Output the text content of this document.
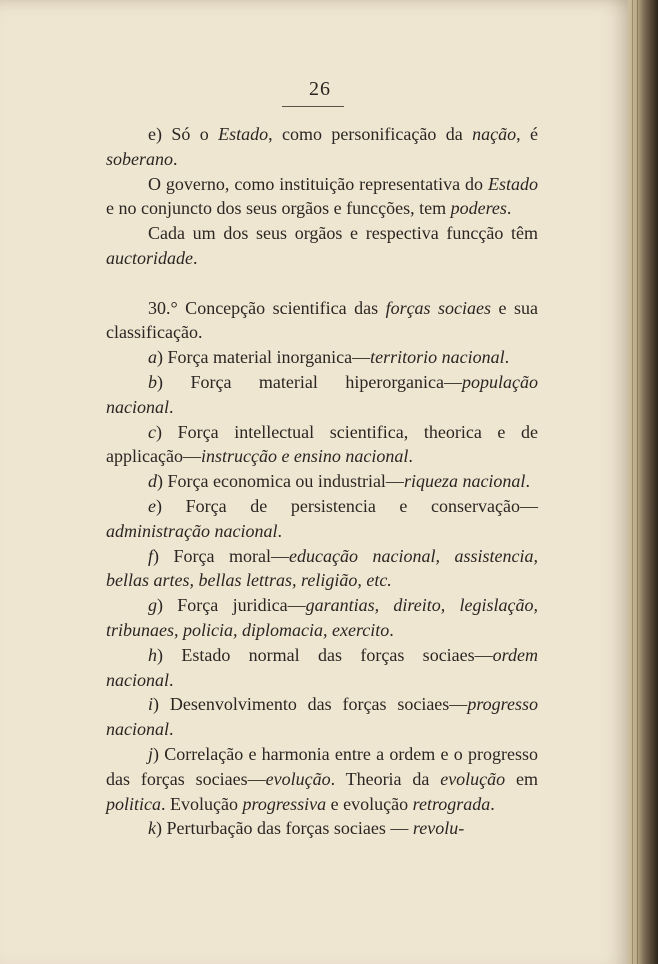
26

e) Só o Estado, como personificação da nação, é soberano.

O governo, como instituição representativa do Estado e no conjuncto dos seus orgãos e funcções, tem poderes.

Cada um dos seus orgãos e respectiva funcção têm auctoridade.

30.° Concepção scientifica das forças sociaes e sua classificação.

a) Força material inorganica—territorio nacional.

b) Força material hiperorganica—população nacional.

c) Força intellectual scientifica, theorica e de applicação—instrucção e ensino nacional.

d) Força economica ou industrial—riqueza nacional.

e) Força de persistencia e conservação—administração nacional.

f) Força moral—educação nacional, assistencia, bellas artes, bellas lettras, religião, etc.

g) Força juridica—garantias, direito, legislação, tribunaes, policia, diplomacia, exercito.

h) Estado normal das forças sociaes—ordem nacional.

i) Desenvolvimento das forças sociaes—progresso nacional.

j) Correlação e harmonia entre a ordem e o progresso das forças sociaes—evolução. Theoria da evolução em politica. Evolução progressiva e evolução retrograda.

k) Perturbação das forças sociaes — revolu-
